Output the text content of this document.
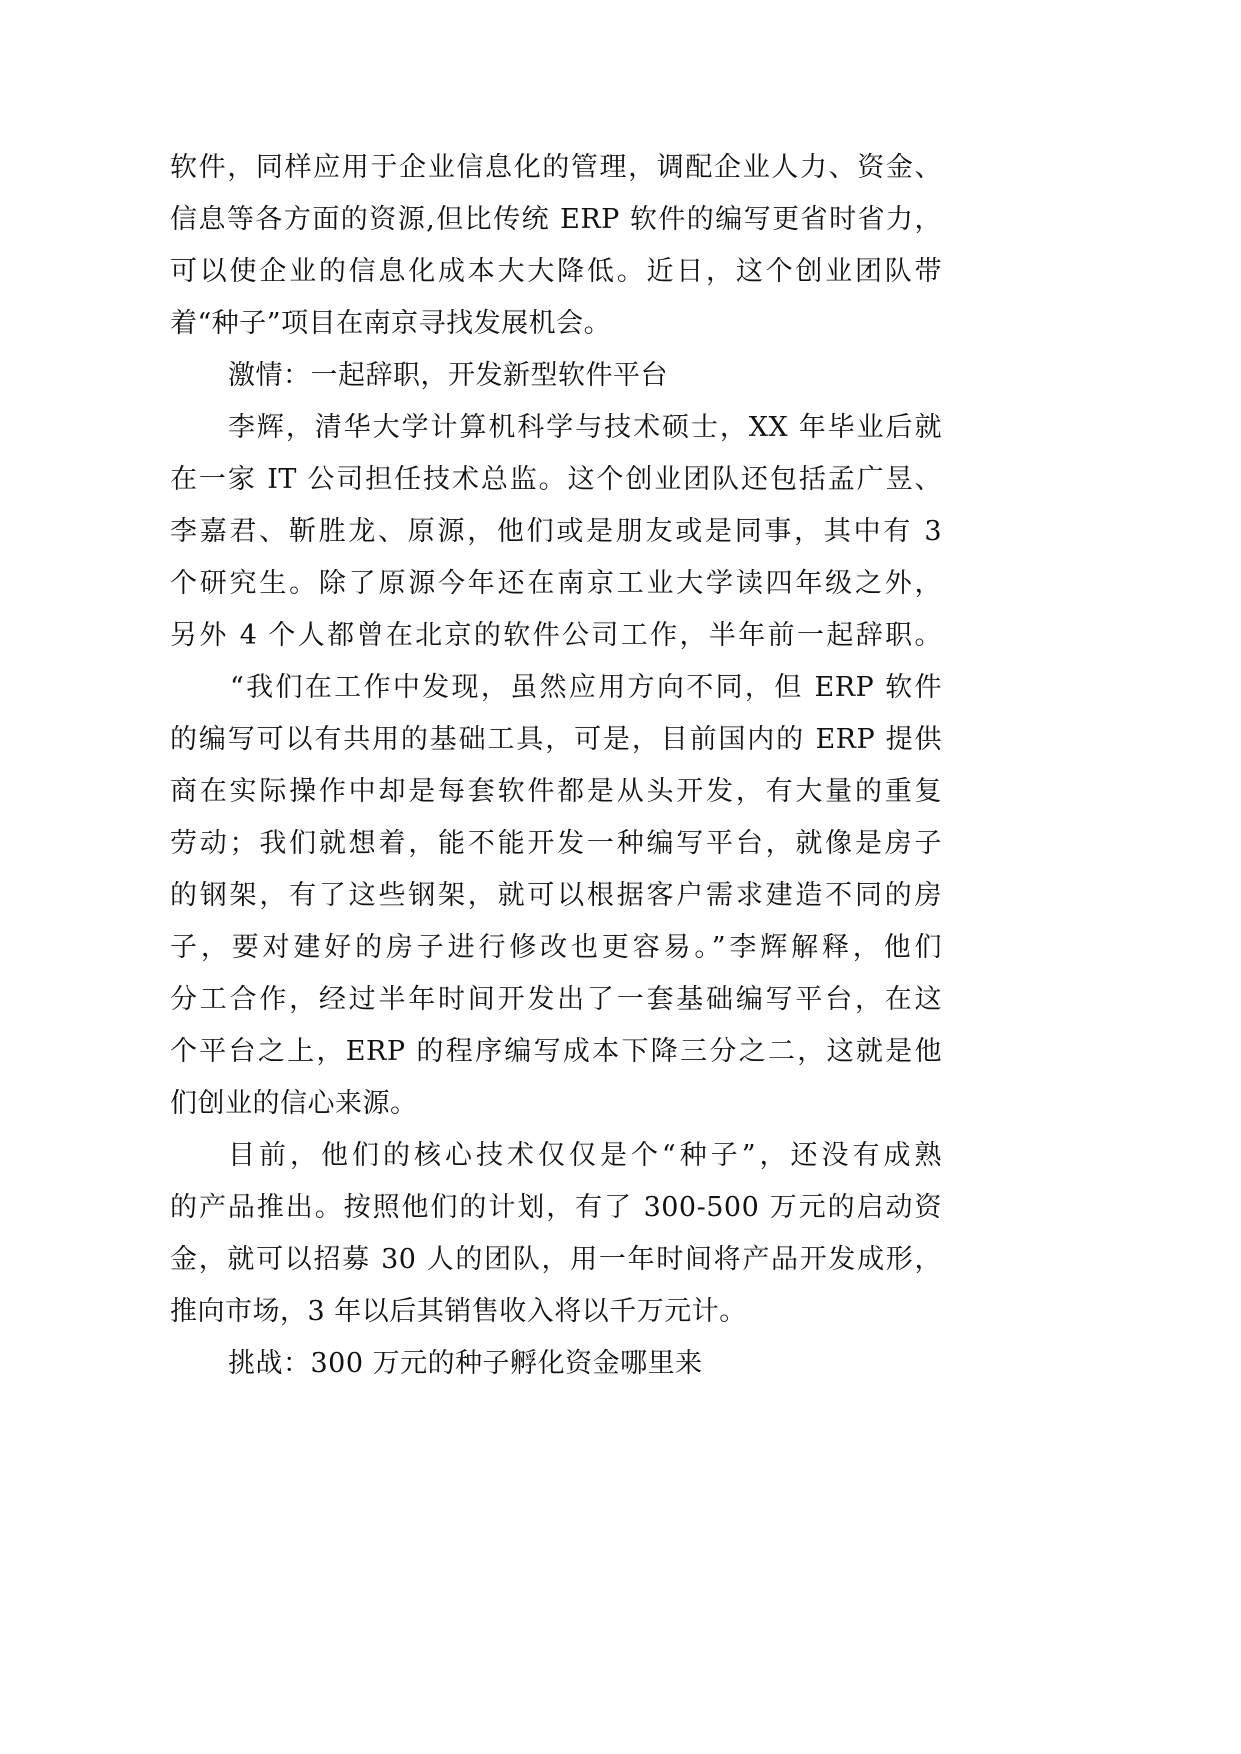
软件，同样应用于企业信息化的管理，调配企业人力、资金、
信息等各方面的资源,但比传统 ERP 软件的编写更省时省力，
可以使企业的信息化成本大大降低。近日，这个创业团队带
着“种子”项目在南京寻找发展机会。
激情：一起辞职，开发新型软件平台
李辉，清华大学计算机科学与技术硕士，XX 年毕业后就
在一家 IT 公司担任技术总监。这个创业团队还包括孟广昱、
李嘉君、靳胜龙、原源，他们或是朋友或是同事，其中有 3
个研究生。除了原源今年还在南京工业大学读四年级之外，
另外 4 个人都曾在北京的软件公司工作，半年前一起辞职。
“我们在工作中发现，虽然应用方向不同，但 ERP 软件
的编写可以有共用的基础工具，可是，目前国内的 ERP 提供
商在实际操作中却是每套软件都是从头开发，有大量的重复
劳动；我们就想着，能不能开发一种编写平台，就像是房子
的钢架，有了这些钢架，就可以根据客户需求建造不同的房
子，要对建好的房子进行修改也更容易。”李辉解释，他们
分工合作，经过半年时间开发出了一套基础编写平台，在这
个平台之上，ERP 的程序编写成本下降三分之二，这就是他
们创业的信心来源。
目前，他们的核心技术仅仅是个“种子”，还没有成熟
的产品推出。按照他们的计划，有了 300-500 万元的启动资
金，就可以招募 30 人的团队，用一年时间将产品开发成形，
推向市场，3 年以后其销售收入将以千万元计。
挑战：300 万元的种子孵化资金哪里来
